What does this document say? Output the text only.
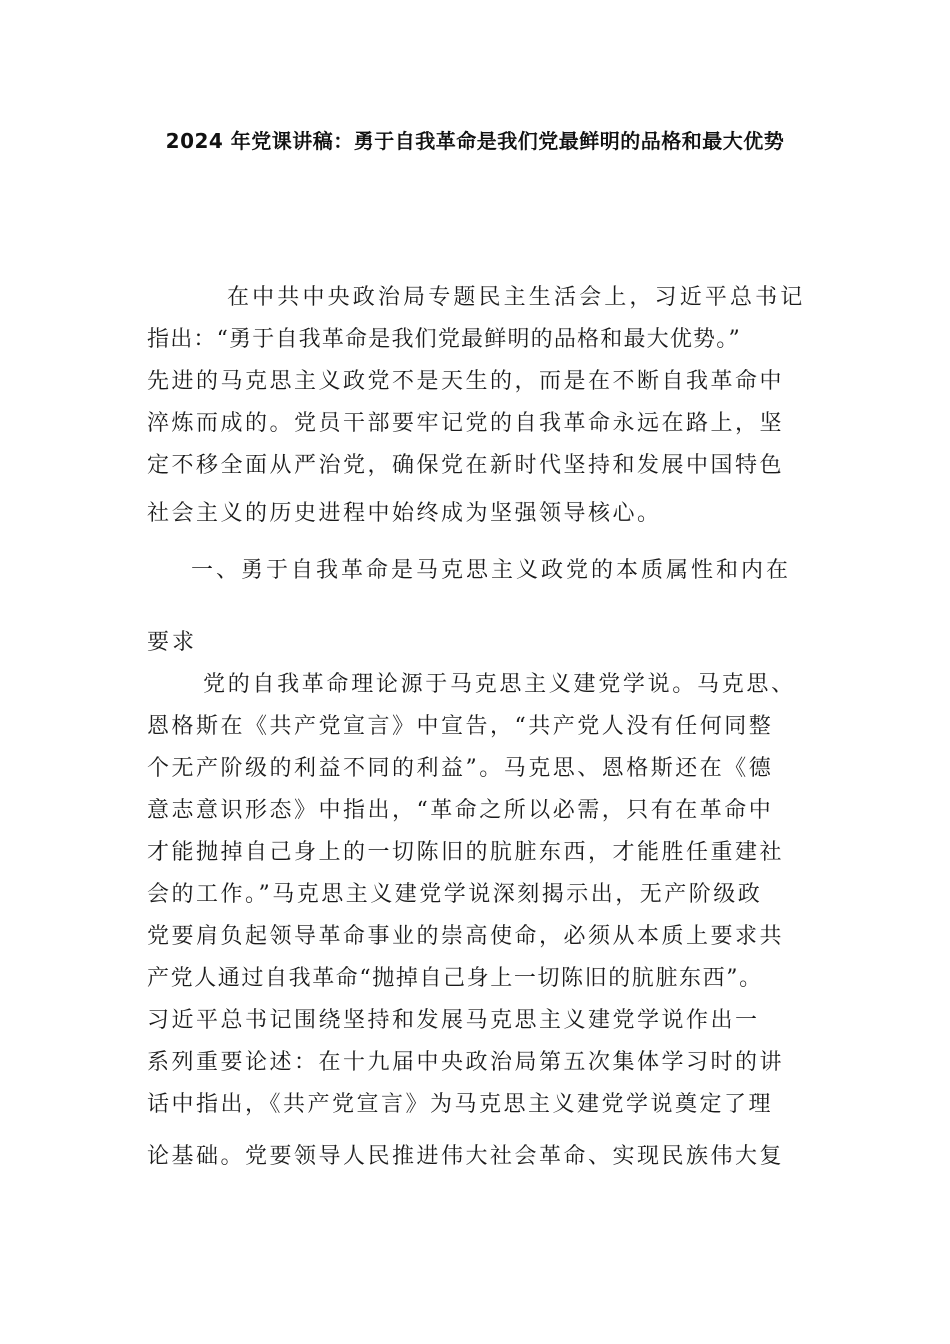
2024 年党课讲稿：勇于自我革命是我们党最鲜明的品格和最大优势
在中共中央政治局专题民主生活会上，习近平总书记
指出：“勇于自我革命是我们党最鲜明的品格和最大优势。”
先进的马克思主义政党不是天生的，而是在不断自我革命中
淬炼而成的。党员干部要牢记党的自我革命永远在路上，坚
定不移全面从严治党，确保党在新时代坚持和发展中国特色
社会主义的历史进程中始终成为坚强领导核心。
一、勇于自我革命是马克思主义政党的本质属性和内在
要求
党的自我革命理论源于马克思主义建党学说。马克思、
恩格斯在《共产党宣言》中宣告，“共产党人没有任何同整
个无产阶级的利益不同的利益”。马克思、恩格斯还在《德
意志意识形态》中指出，“革命之所以必需，只有在革命中
才能抛掉自己身上的一切陈旧的肮脏东西，才能胜任重建社
会的工作。”马克思主义建党学说深刻揭示出，无产阶级政
党要肩负起领导革命事业的崇高使命，必须从本质上要求共
产党人通过自我革命“抛掉自己身上一切陈旧的肮脏东西”。
习近平总书记围绕坚持和发展马克思主义建党学说作出一
系列重要论述：在十九届中央政治局第五次集体学习时的讲
话中指出，《共产党宣言》为马克思主义建党学说奠定了理
论基础。党要领导人民推进伟大社会革命、实现民族伟大复
